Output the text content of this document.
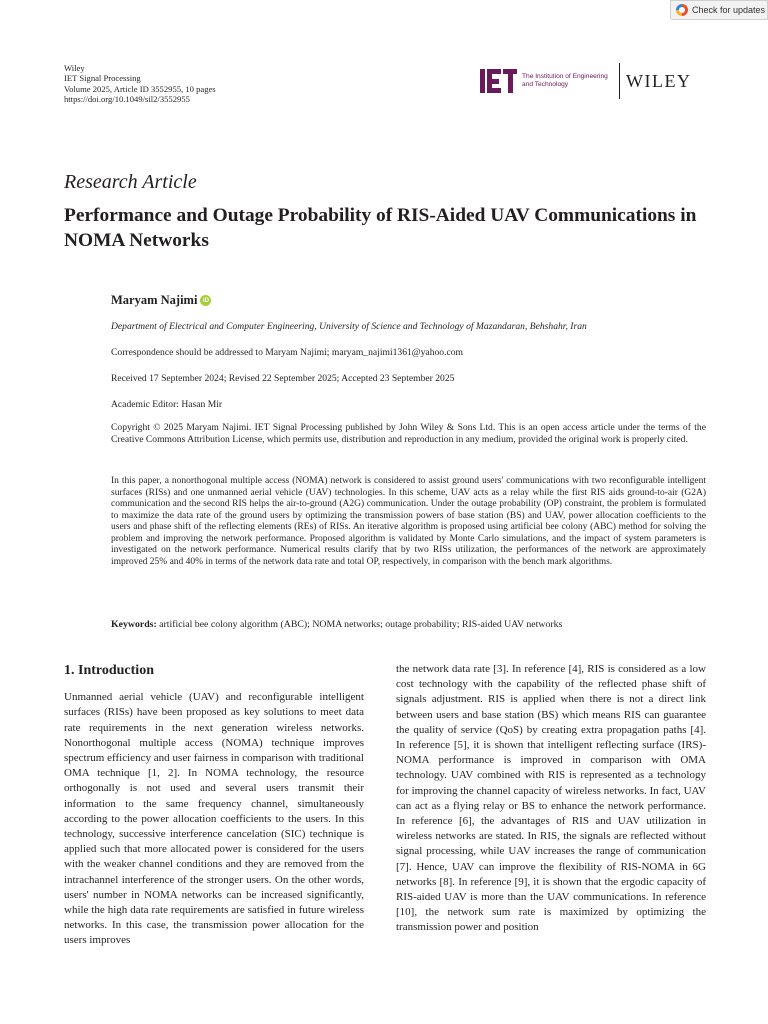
Check for updates
Wiley
IET Signal Processing
Volume 2025, Article ID 3552955, 10 pages
https://doi.org/10.1049/sil2/3552955
The Institution of Engineering and Technology	WILEY
Research Article
Performance and Outage Probability of RIS-Aided UAV Communications in NOMA Networks
Maryam Najimi iD
Department of Electrical and Computer Engineering, University of Science and Technology of Mazandaran, Behshahr, Iran
Correspondence should be addressed to Maryam Najimi; maryam_najimi1361@yahoo.com
Received 17 September 2024; Revised 22 September 2025; Accepted 23 September 2025
Academic Editor: Hasan Mir
Copyright © 2025 Maryam Najimi. IET Signal Processing published by John Wiley & Sons Ltd. This is an open access article under the terms of the Creative Commons Attribution License, which permits use, distribution and reproduction in any medium, provided the original work is properly cited.
In this paper, a nonorthogonal multiple access (NOMA) network is considered to assist ground users' communications with two reconfigurable intelligent surfaces (RISs) and one unmanned aerial vehicle (UAV) technologies. In this scheme, UAV acts as a relay while the first RIS aids ground-to-air (G2A) communication and the second RIS helps the air-to-ground (A2G) communication. Under the outage probability (OP) constraint, the problem is formulated to maximize the data rate of the ground users by optimizing the transmission powers of base station (BS) and UAV, power allocation coefficients to the users and phase shift of the reflecting elements (REs) of RISs. An iterative algorithm is proposed using artificial bee colony (ABC) method for solving the problem and improving the network performance. Proposed algorithm is validated by Monte Carlo simulations, and the impact of system parameters is investigated on the network performance. Numerical results clarify that by two RISs utilization, the performances of the network are approximately improved 25% and 40% in terms of the network data rate and total OP, respectively, in comparison with the bench mark algorithms.
Keywords: artificial bee colony algorithm (ABC); NOMA networks; outage probability; RIS-aided UAV networks
1. Introduction
Unmanned aerial vehicle (UAV) and reconfigurable intelligent surfaces (RISs) have been proposed as key solutions to meet data rate requirements in the next generation wireless networks. Nonorthogonal multiple access (NOMA) technique improves spectrum efficiency and user fairness in comparison with traditional OMA technique [1, 2]. In NOMA technology, the resource orthogonally is not used and several users transmit their information to the same frequency channel, simultaneously according to the power allocation coefficients to the users. In this technology, successive interference cancelation (SIC) technique is applied such that more allocated power is considered for the users with the weaker channel conditions and they are removed from the intrachannel interference of the stronger users. On the other words, users' number in NOMA networks can be increased significantly, while the high data rate requirements are satisfied in future wireless networks. In this case, the transmission power allocation for the users improves
the network data rate [3]. In reference [4], RIS is considered as a low cost technology with the capability of the reflected phase shift of signals adjustment. RIS is applied when there is not a direct link between users and base station (BS) which means RIS can guarantee the quality of service (QoS) by creating extra propagation paths [4]. In reference [5], it is shown that intelligent reflecting surface (IRS)-NOMA performance is improved in comparison with OMA technology. UAV combined with RIS is represented as a technology for improving the channel capacity of wireless networks. In fact, UAV can act as a flying relay or BS to enhance the network performance. In reference [6], the advantages of RIS and UAV utilization in wireless networks are stated. In RIS, the signals are reflected without signal processing, while UAV increases the range of communication [7]. Hence, UAV can improve the flexibility of RIS-NOMA in 6G networks [8]. In reference [9], it is shown that the ergodic capacity of RIS-aided UAV is more than the UAV communications. In reference [10], the network sum rate is maximized by optimizing the transmission power and position
